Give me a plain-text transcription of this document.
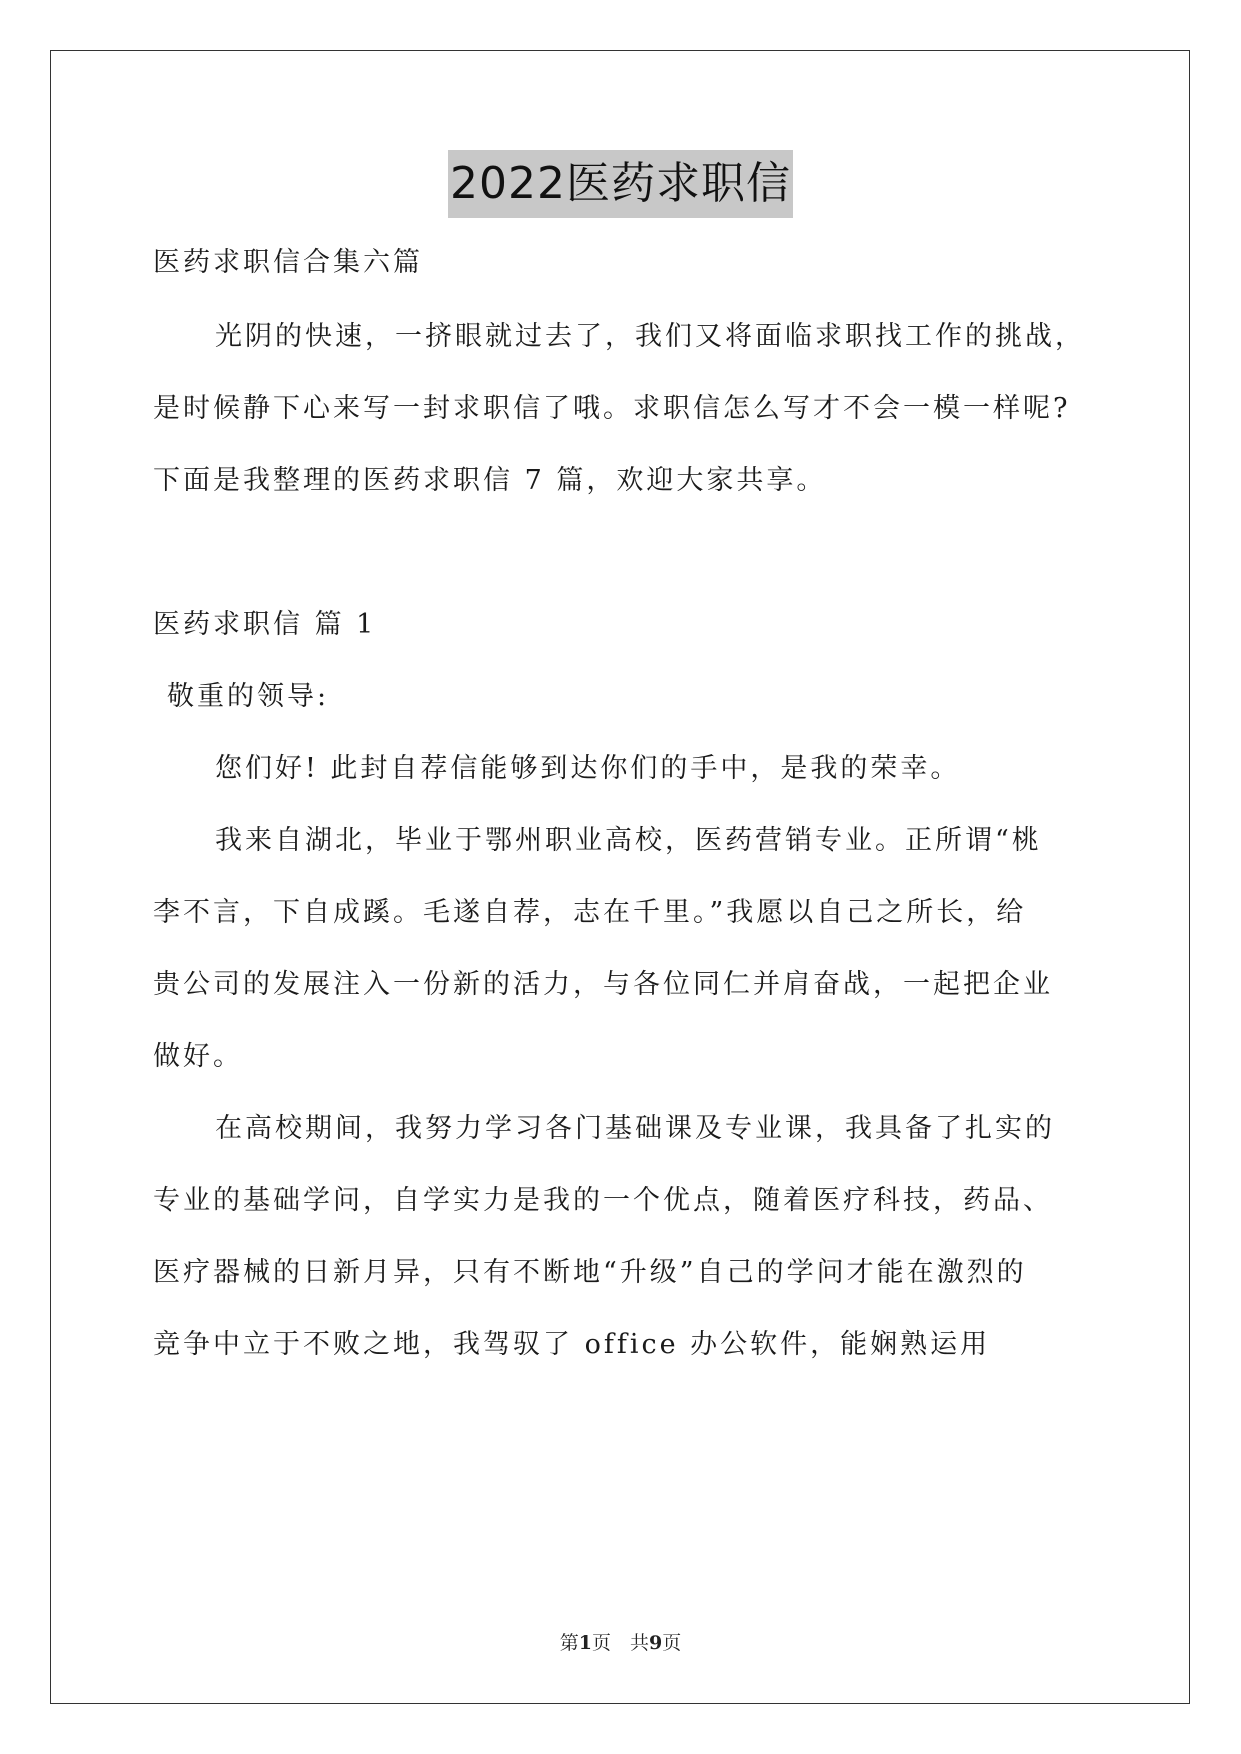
2022医药求职信
医药求职信合集六篇
光阴的快速，一挤眼就过去了，我们又将面临求职找工作的挑战，
是时候静下心来写一封求职信了哦。求职信怎么写才不会一模一样呢?
下面是我整理的医药求职信 7 篇，欢迎大家共享。
医药求职信 篇 1
敬重的领导:
您们好! 此封自荐信能够到达你们的手中，是我的荣幸。
我来自湖北，毕业于鄂州职业高校，医药营销专业。正所谓“桃
李不言，下自成蹊。毛遂自荐，志在千里。”我愿以自己之所长，给
贵公司的发展注入一份新的活力，与各位同仁并肩奋战，一起把企业
做好。
在高校期间，我努力学习各门基础课及专业课，我具备了扎实的
专业的基础学问，自学实力是我的一个优点，随着医疗科技，药品、
医疗器械的日新月异，只有不断地“升级”自己的学问才能在激烈的
竞争中立于不败之地，我驾驭了 office 办公软件，能娴熟运用
第1页　共9页
